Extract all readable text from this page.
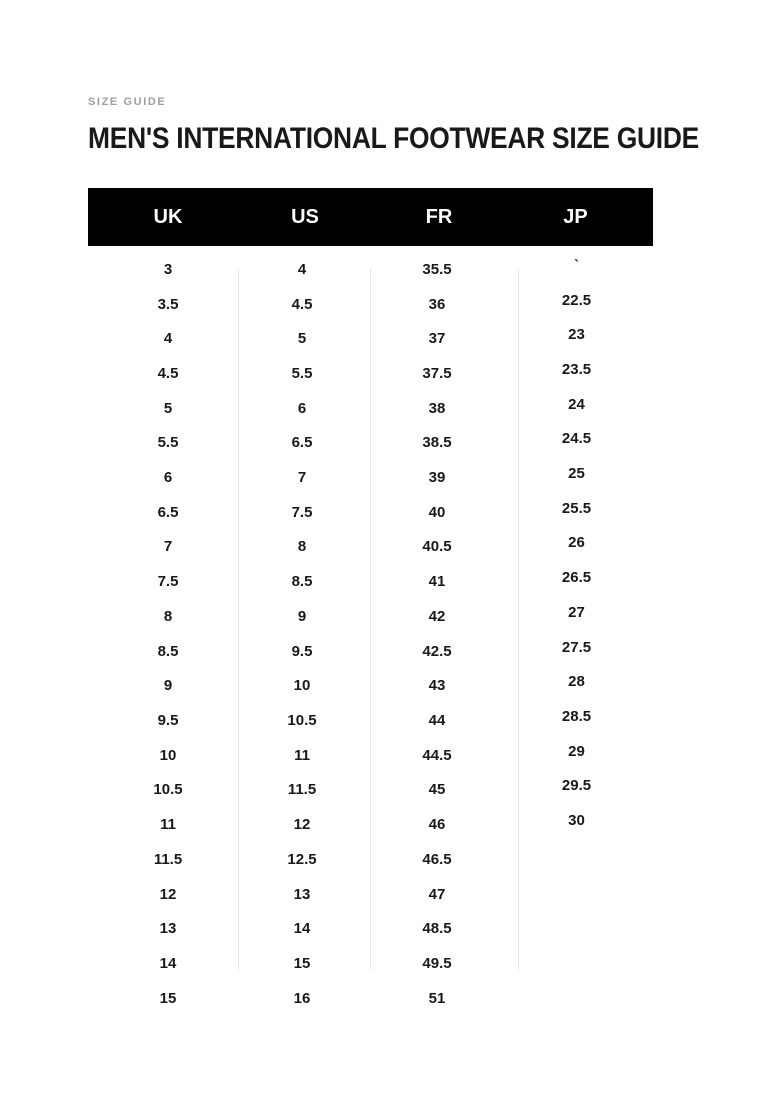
SIZE GUIDE
MEN'S INTERNATIONAL FOOTWEAR SIZE GUIDE
UK	US	FR	JP
3	4	35.5	`
3.5	4.5	36	22.5
4	5	37	23
4.5	5.5	37.5	23.5
5	6	38	24
5.5	6.5	38.5	24.5
6	7	39	25
6.5	7.5	40	25.5
7	8	40.5	26
7.5	8.5	41	26.5
8	9	42	27
8.5	9.5	42.5	27.5
9	10	43	28
9.5	10.5	44	28.5
10	11	44.5	29
10.5	11.5	45	29.5
11	12	46	30
11.5	12.5	46.5
12	13	47
13	14	48.5
14	15	49.5
15	16	51
